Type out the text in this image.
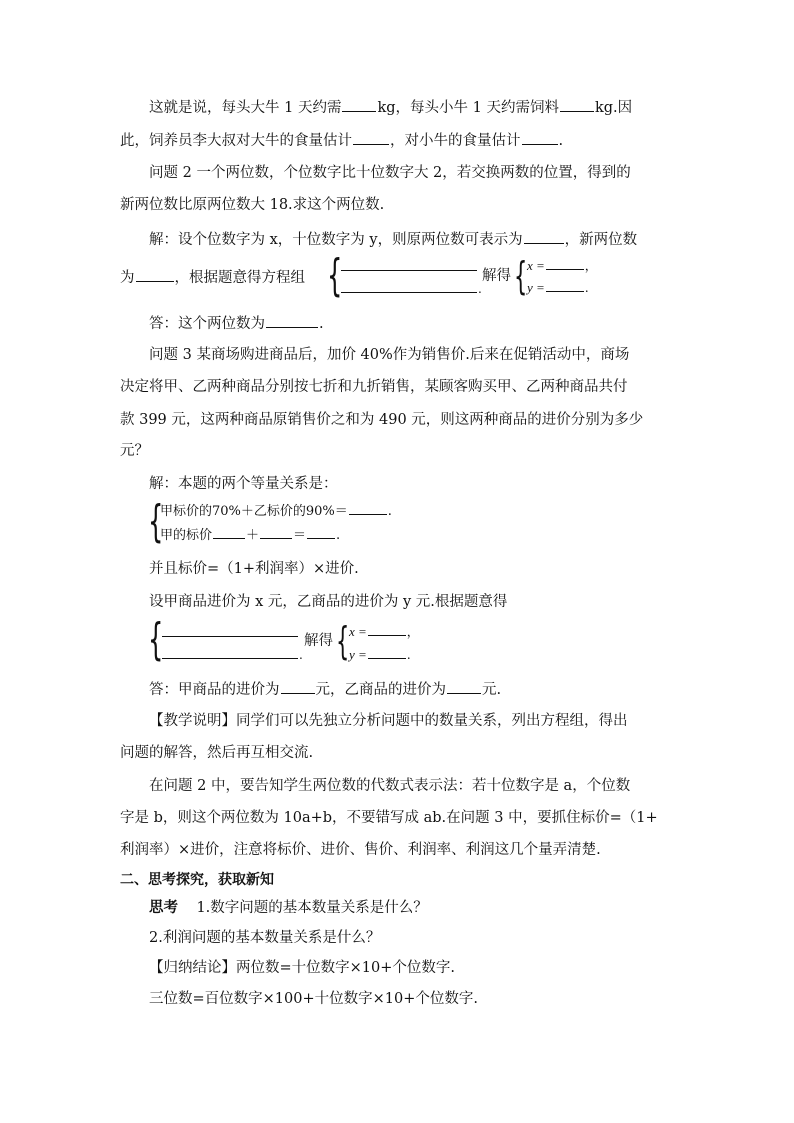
这就是说，每头大牛 1 天约需 kg，每头小牛 1 天约需饲料 kg.因
此，饲养员李大叔对大牛的食量估计	，对小牛的食量估计	.
问题 2 一个两位数，个位数字比十位数字大 2，若交换两数的位置，得到的
新两位数比原两位数大 18.求这个两位数.
解：设个位数字为 x，十位数字为 y，则原两位数可表示为	，新两位数
为	，根据题意得方程组 {	.
解得 { x =	，
y =	.
答：这个两位数为	.
问题 3 某商场购进商品后，加价 40%作为销售价.后来在促销活动中，商场
决定将甲、乙两种商品分别按七折和九折销售，某顾客购买甲、乙两种商品共付
款 399 元，这两种商品原销售价之和为 490 元，则这两种商品的进价分别为多少
元？
解：本题的两个等量关系是：
{
甲标价的70%＋乙标价的90%＝	.
甲的标价	＋	＝ .
并且标价=（1+利润率）×进价.
设甲商品进价为 x 元，乙商品的进价为 y 元.根据题意得
{	.
解得 { x =	，
y =	.
答：甲商品的进价为 元，乙商品的进价为 元.
【教学说明】同学们可以先独立分析问题中的数量关系，列出方程组，得出
问题的解答，然后再互相交流.
在问题 2 中，要告知学生两位数的代数式表示法：若十位数字是 a，个位数
字是 b，则这个两位数为 10a+b，不要错写成 ab.在问题 3 中，要抓住标价=（1+
利润率）×进价，注意将标价、进价、售价、利润率、利润这几个量弄清楚.
二、思考探究，获取新知
思考 1.数字问题的基本数量关系是什么？
2.利润问题的基本数量关系是什么？
【归纳结论】两位数=十位数字×10+个位数字.
三位数=百位数字×100+十位数字×10+个位数字.
